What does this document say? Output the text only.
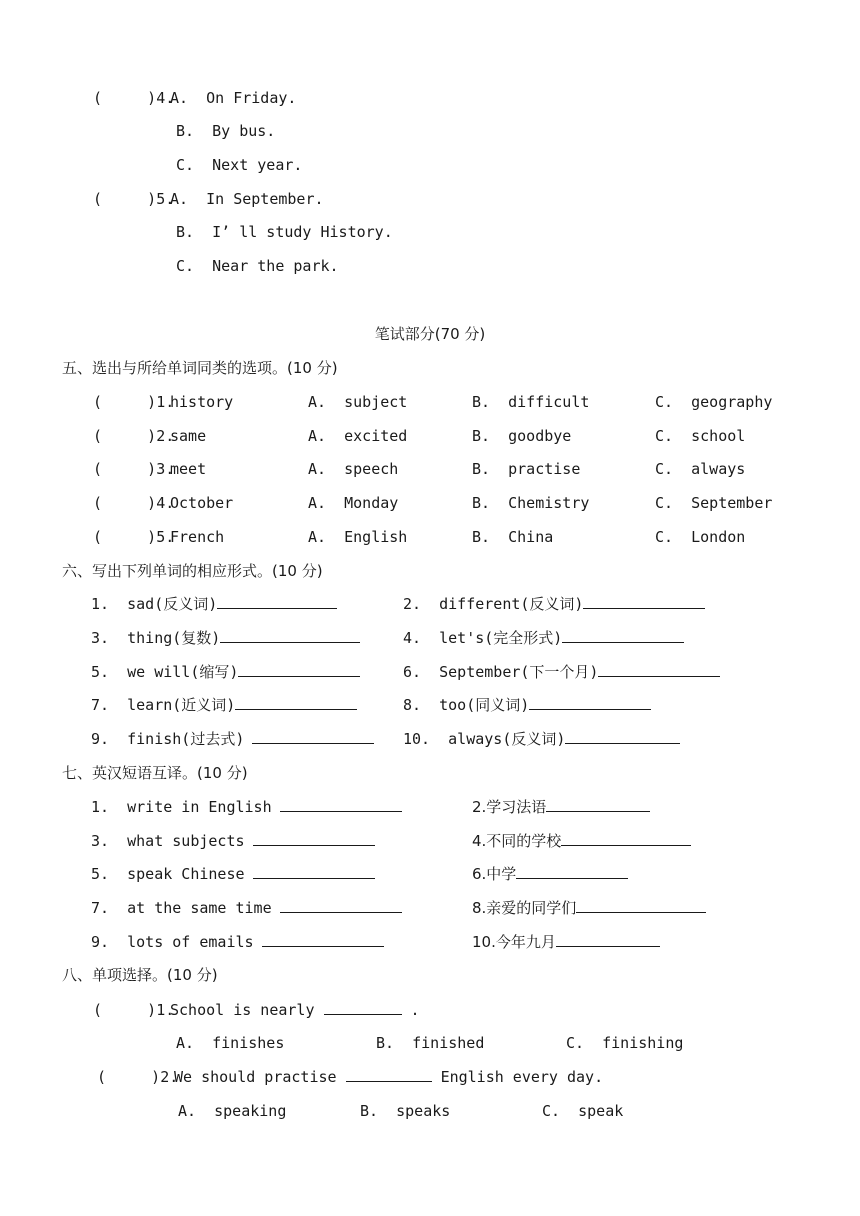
(     )4.
A.  On Friday.
B.  By bus.
C.  Next year.
(     )5.
A.  In September.
B.  I’ ll study History.
C.  Near the park.
笔试部分(70 分)
五、选出与所给单词同类的选项。(10 分)
(     )1.
history	A.  subject	B.  difficult	C.  geography
(     )2.
same	A.  excited	B.  goodbye	C.  school
(     )3.
meet	A.  speech	B.  practise	C.  always
(     )4.
October	A.  Monday	B.  Chemistry	C.  September
(     )5.
French	A.  English	B.  China	C.  London
六、写出下列单词的相应形式。(10 分)
1.  sad(反义词)	2.  different(反义词)
3.  thing(复数)	4.  let's(完全形式)
5.  we will(缩写)	6.  September(下一个月)
7.  learn(近义词)	8.  too(同义词)
9.  finish(过去式)	10.  always(反义词)
七、英汉短语互译。(10 分)
1.  write in English	2.学习法语
3.  what subjects	4.不同的学校
5.  speak Chinese	6.中学
7.  at the same time	8.亲爱的同学们
9.  lots of emails	10.今年九月
八、单项选择。(10 分)
(     )1.
School is nearly	.
A.  finishes	B.  finished	C.  finishing
(     )2.
We should practise	English every day.
A.  speaking	B.  speaks	C.  speak
